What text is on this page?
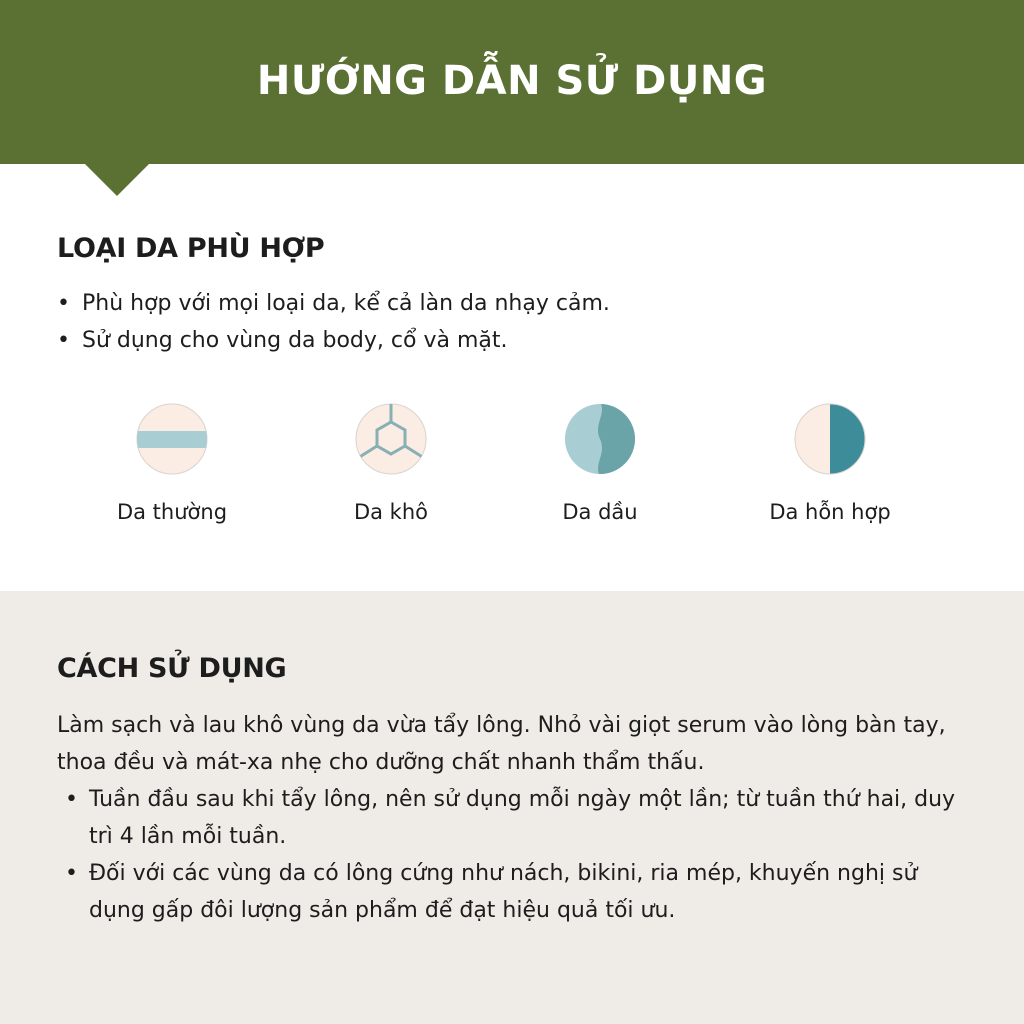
HƯỚNG DẪN SỬ DỤNG
LOẠI DA PHÙ HỢP
• Phù hợp với mọi loại da, kể cả làn da nhạy cảm.
• Sử dụng cho vùng da body, cổ và mặt.
Da thường	Da khô	Da dầu	Da hỗn hợp
CÁCH SỬ DỤNG
Làm sạch và lau khô vùng da vừa tẩy lông. Nhỏ vài giọt serum vào lòng bàn tay, thoa đều và mát-xa nhẹ cho dưỡng chất nhanh thẩm thấu.
• Tuần đầu sau khi tẩy lông, nên sử dụng mỗi ngày một lần; từ tuần thứ hai, duy trì 4 lần mỗi tuần.
• Đối với các vùng da có lông cứng như nách, bikini, ria mép, khuyến nghị sử dụng gấp đôi lượng sản phẩm để đạt hiệu quả tối ưu.
